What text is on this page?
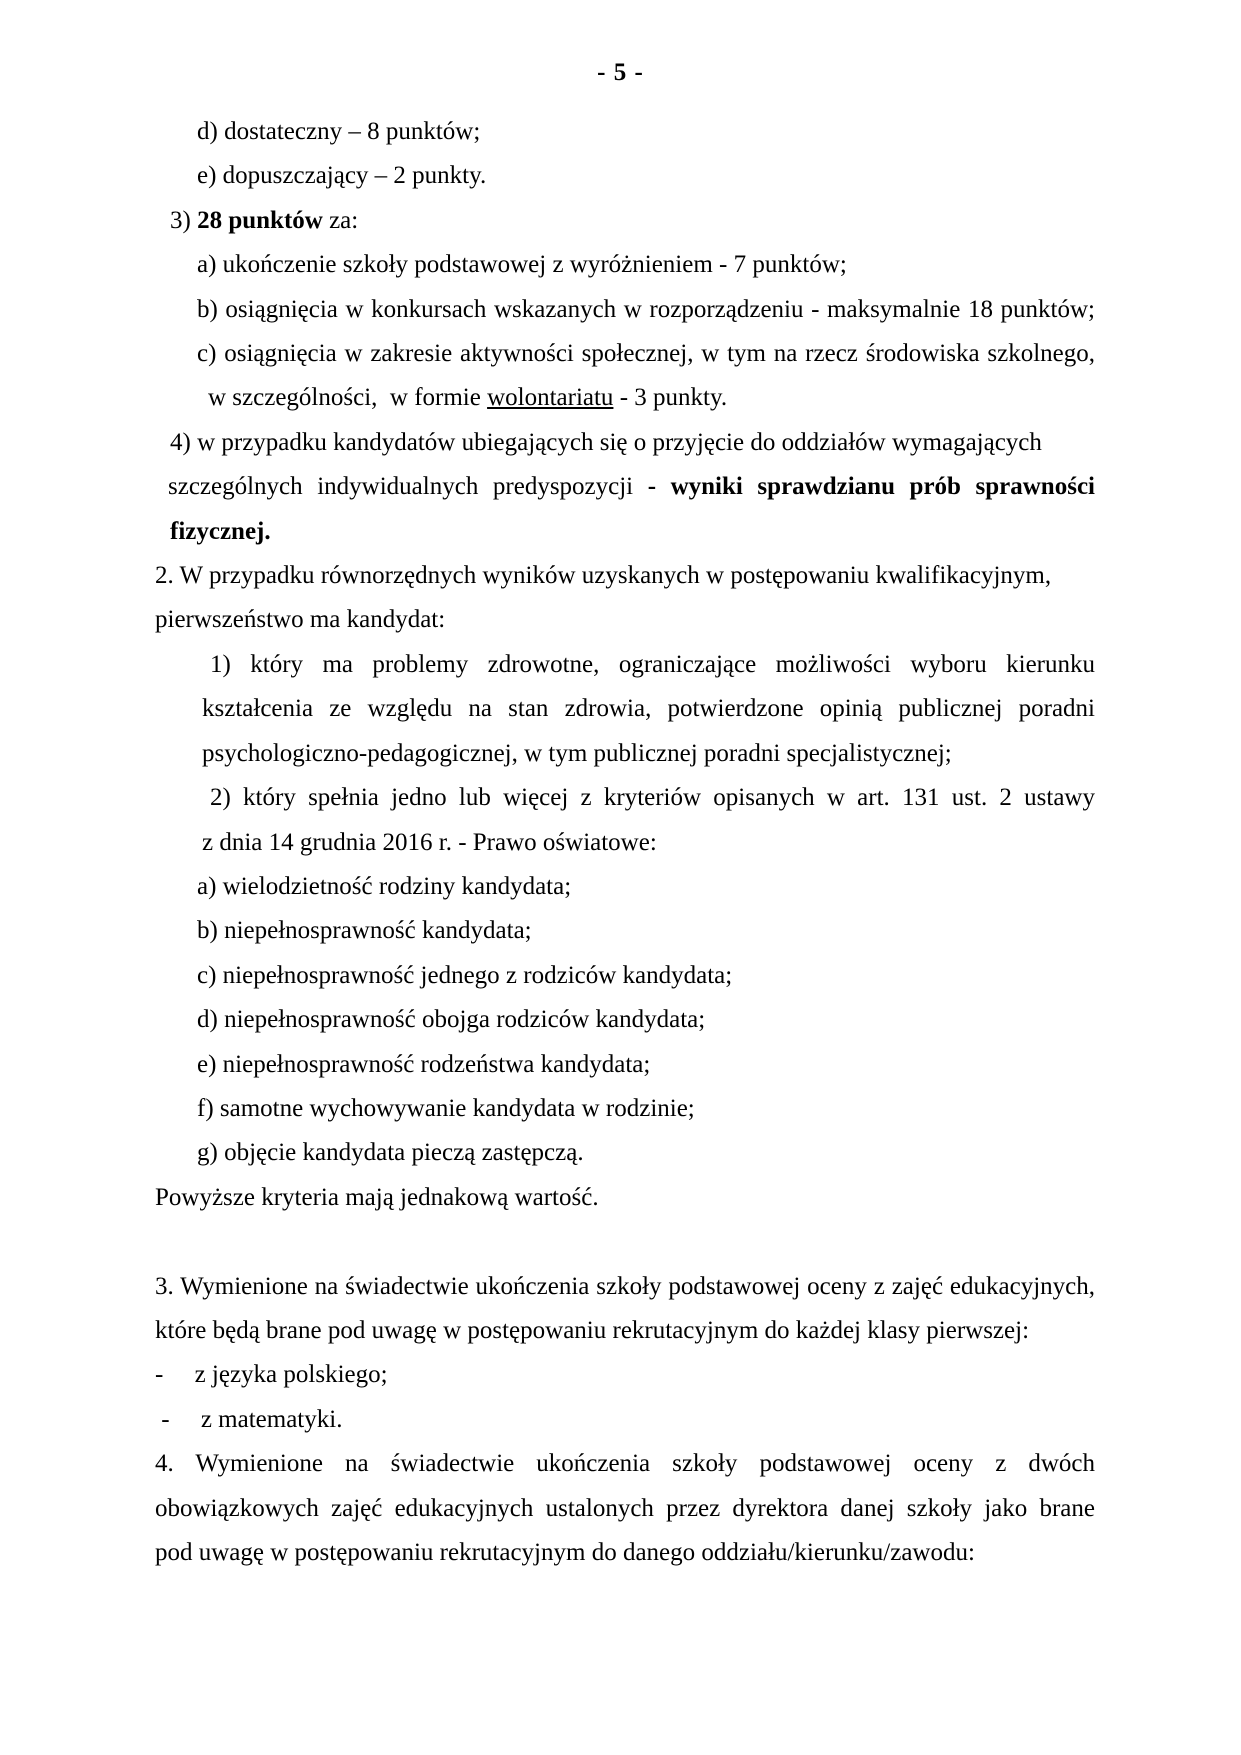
- 5 -
d) dostateczny – 8 punktów;
e) dopuszczający – 2 punkty.
3) 28 punktów za:
a) ukończenie szkoły podstawowej z wyróżnieniem - 7 punktów;
b) osiągnięcia w konkursach wskazanych w rozporządzeniu - maksymalnie 18 punktów;
c) osiągnięcia w zakresie aktywności społecznej, w tym na rzecz środowiska szkolnego,
w szczególności,  w formie wolontariatu - 3 punkty.
4) w przypadku kandydatów ubiegających się o przyjęcie do oddziałów wymagających
szczególnych indywidualnych predyspozycji - wyniki sprawdzianu prób sprawności
fizycznej.
2. W przypadku równorzędnych wyników uzyskanych w postępowaniu kwalifikacyjnym,
pierwszeństwo ma kandydat:
1) który ma problemy zdrowotne, ograniczające możliwości wyboru kierunku
kształcenia ze względu na stan zdrowia, potwierdzone opinią publicznej poradni
psychologiczno-pedagogicznej, w tym publicznej poradni specjalistycznej;
2) który spełnia jedno lub więcej z kryteriów opisanych w art. 131 ust. 2 ustawy
z dnia 14 grudnia 2016 r. - Prawo oświatowe:
a) wielodzietność rodziny kandydata;
b) niepełnosprawność kandydata;
c) niepełnosprawność jednego z rodziców kandydata;
d) niepełnosprawność obojga rodziców kandydata;
e) niepełnosprawność rodzeństwa kandydata;
f) samotne wychowywanie kandydata w rodzinie;
g) objęcie kandydata pieczą zastępczą.
Powyższe kryteria mają jednakową wartość.
3. Wymienione na świadectwie ukończenia szkoły podstawowej oceny z zajęć edukacyjnych,
które będą brane pod uwagę w postępowaniu rekrutacyjnym do każdej klasy pierwszej:
-     z języka polskiego;
-     z matematyki.
4. Wymienione na świadectwie ukończenia szkoły podstawowej oceny z dwóch
obowiązkowych zajęć edukacyjnych ustalonych przez dyrektora danej szkoły jako brane
pod uwagę w postępowaniu rekrutacyjnym do danego oddziału/kierunku/zawodu:
